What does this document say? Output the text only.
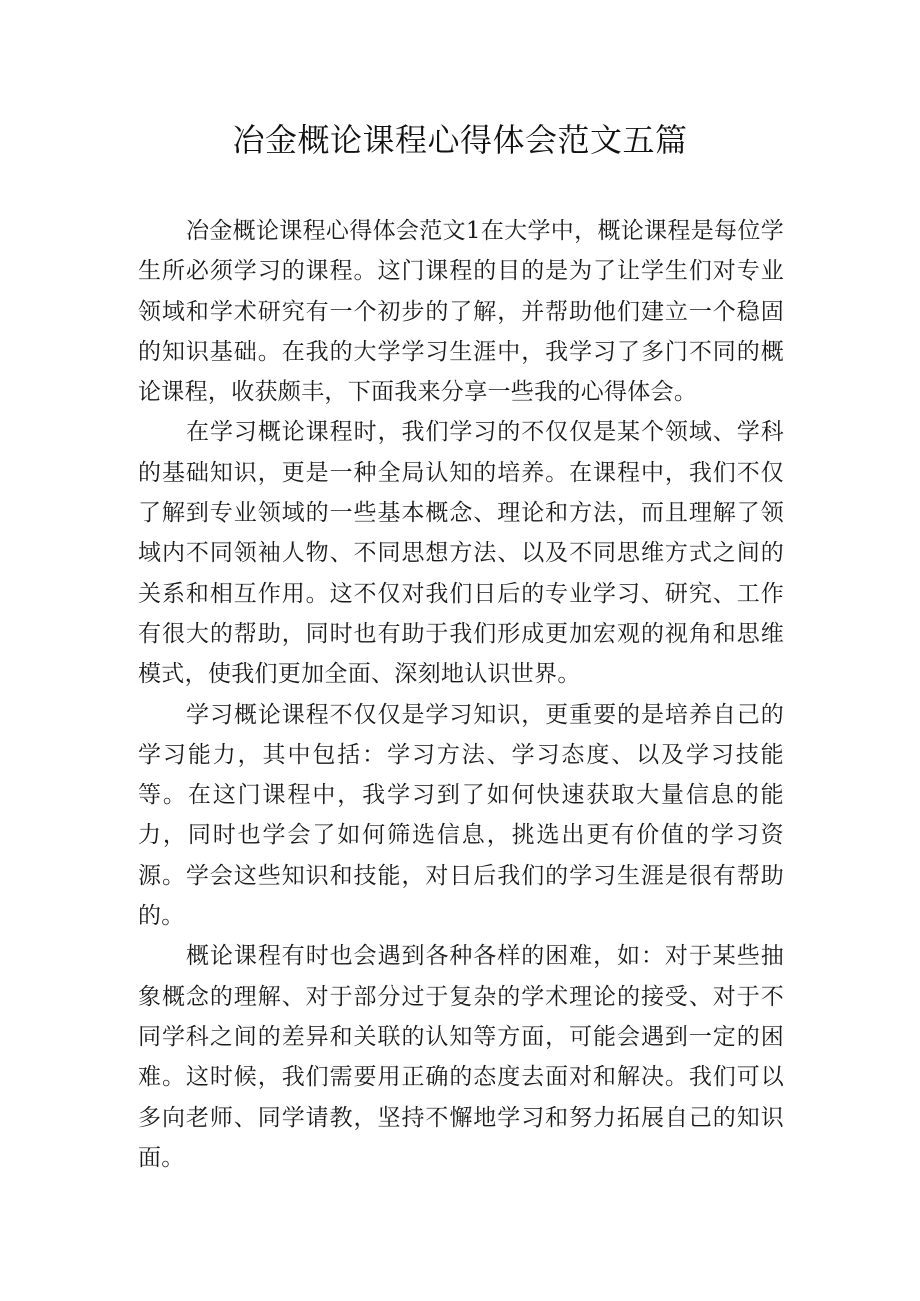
冶金概论课程心得体会范文五篇

冶金概论课程心得体会范文1在大学中，概论课程是每位学生所必须学习的课程。这门课程的目的是为了让学生们对专业领域和学术研究有一个初步的了解，并帮助他们建立一个稳固的知识基础。在我的大学学习生涯中，我学习了多门不同的概论课程，收获颇丰，下面我来分享一些我的心得体会。

在学习概论课程时，我们学习的不仅仅是某个领域、学科的基础知识，更是一种全局认知的培养。在课程中，我们不仅了解到专业领域的一些基本概念、理论和方法，而且理解了领域内不同领袖人物、不同思想方法、以及不同思维方式之间的关系和相互作用。这不仅对我们日后的专业学习、研究、工作有很大的帮助，同时也有助于我们形成更加宏观的视角和思维模式，使我们更加全面、深刻地认识世界。

学习概论课程不仅仅是学习知识，更重要的是培养自己的学习能力，其中包括：学习方法、学习态度、以及学习技能等。在这门课程中，我学习到了如何快速获取大量信息的能力，同时也学会了如何筛选信息，挑选出更有价值的学习资源。学会这些知识和技能，对日后我们的学习生涯是很有帮助的。

概论课程有时也会遇到各种各样的困难，如：对于某些抽象概念的理解、对于部分过于复杂的学术理论的接受、对于不同学科之间的差异和关联的认知等方面，可能会遇到一定的困难。这时候，我们需要用正确的态度去面对和解决。我们可以多向老师、同学请教，坚持不懈地学习和努力拓展自己的知识面。
